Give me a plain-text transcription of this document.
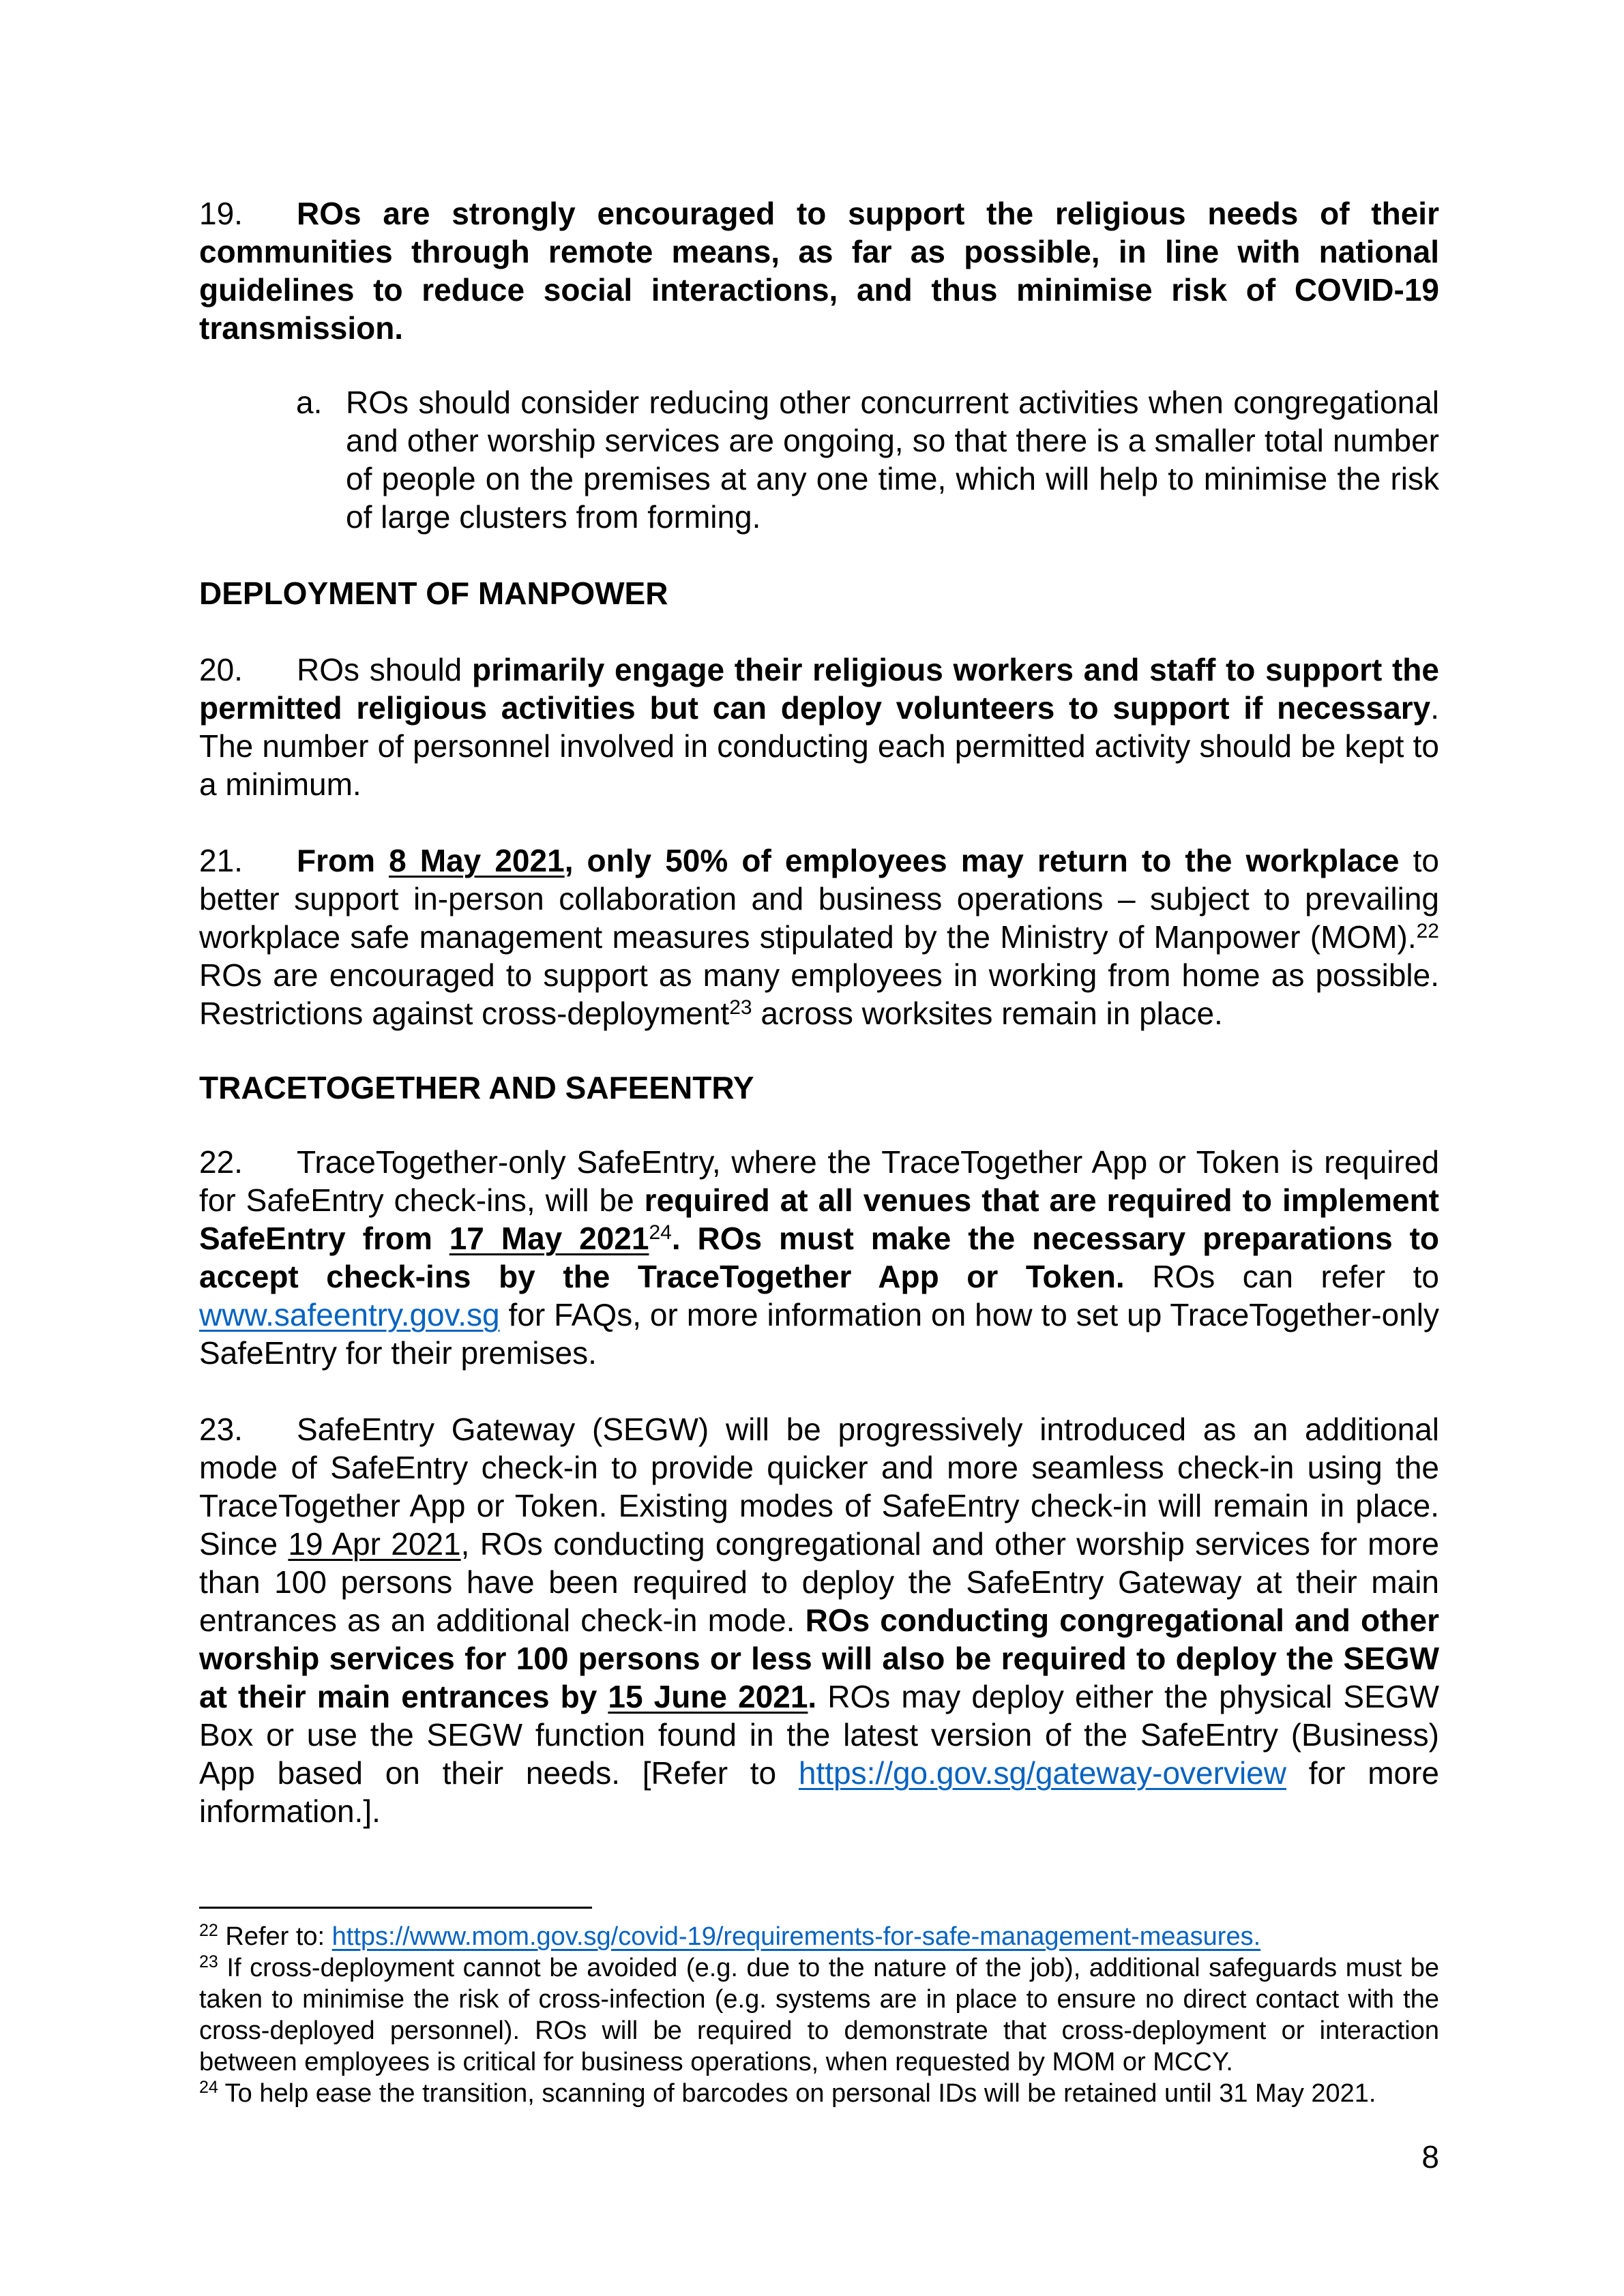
19. ROs are strongly encouraged to support the religious needs of their communities through remote means, as far as possible, in line with national guidelines to reduce social interactions, and thus minimise risk of COVID-19 transmission.

a. ROs should consider reducing other concurrent activities when congregational and other worship services are ongoing, so that there is a smaller total number of people on the premises at any one time, which will help to minimise the risk of large clusters from forming.
DEPLOYMENT OF MANPOWER

20. ROs should primarily engage their religious workers and staff to support the permitted religious activities but can deploy volunteers to support if necessary. The number of personnel involved in conducting each permitted activity should be kept to a minimum.

21. From 8 May 2021, only 50% of employees may return to the workplace to better support in-person collaboration and business operations – subject to prevailing workplace safe management measures stipulated by the Ministry of Manpower (MOM).$^{22}$ ROs are encouraged to support as many employees in working from home as possible. Restrictions against cross-deployment$^{23}$ across worksites remain in place.

TRACETOGETHER AND SAFEENTRY

22. TraceTogether-only SafeEntry, where the TraceTogether App or Token is required for SafeEntry check-ins, will be required at all venues that are required to implement SafeEntry from 17 May 2021$^{24}$. ROs must make the necessary preparations to accept check-ins by the TraceTogether App or Token. ROs can refer to www.safeentry.gov.sg for FAQs, or more information on how to set up TraceTogether-only SafeEntry for their premises.

23. SafeEntry Gateway (SEGW) will be progressively introduced as an additional mode of SafeEntry check-in to provide quicker and more seamless check-in using the TraceTogether App or Token. Existing modes of SafeEntry check-in will remain in place. Since 19 Apr 2021, ROs conducting congregational and other worship services for more than 100 persons have been required to deploy the SafeEntry Gateway at their main entrances as an additional check-in mode. ROs conducting congregational and other worship services for 100 persons or less will also be required to deploy the SEGW at their main entrances by 15 June 2021. ROs may deploy either the physical SEGW Box or use the SEGW function found in the latest version of the SafeEntry (Business) App based on their needs. [Refer to https://go.gov.sg/gateway-overview for more information.].

$^{22}$ Refer to: https://www.mom.gov.sg/covid-19/requirements-for-safe-management-measures.

$^{23}$ If cross-deployment cannot be avoided (e.g. due to the nature of the job), additional safeguards must be taken to minimise the risk of cross-infection (e.g. systems are in place to ensure no direct contact with the cross-deployed personnel). ROs will be required to demonstrate that cross-deployment or interaction between employees is critical for business operations, when requested by MOM or MCCY.

$^{24}$ To help ease the transition, scanning of barcodes on personal IDs will be retained until 31 May 2021.

8
